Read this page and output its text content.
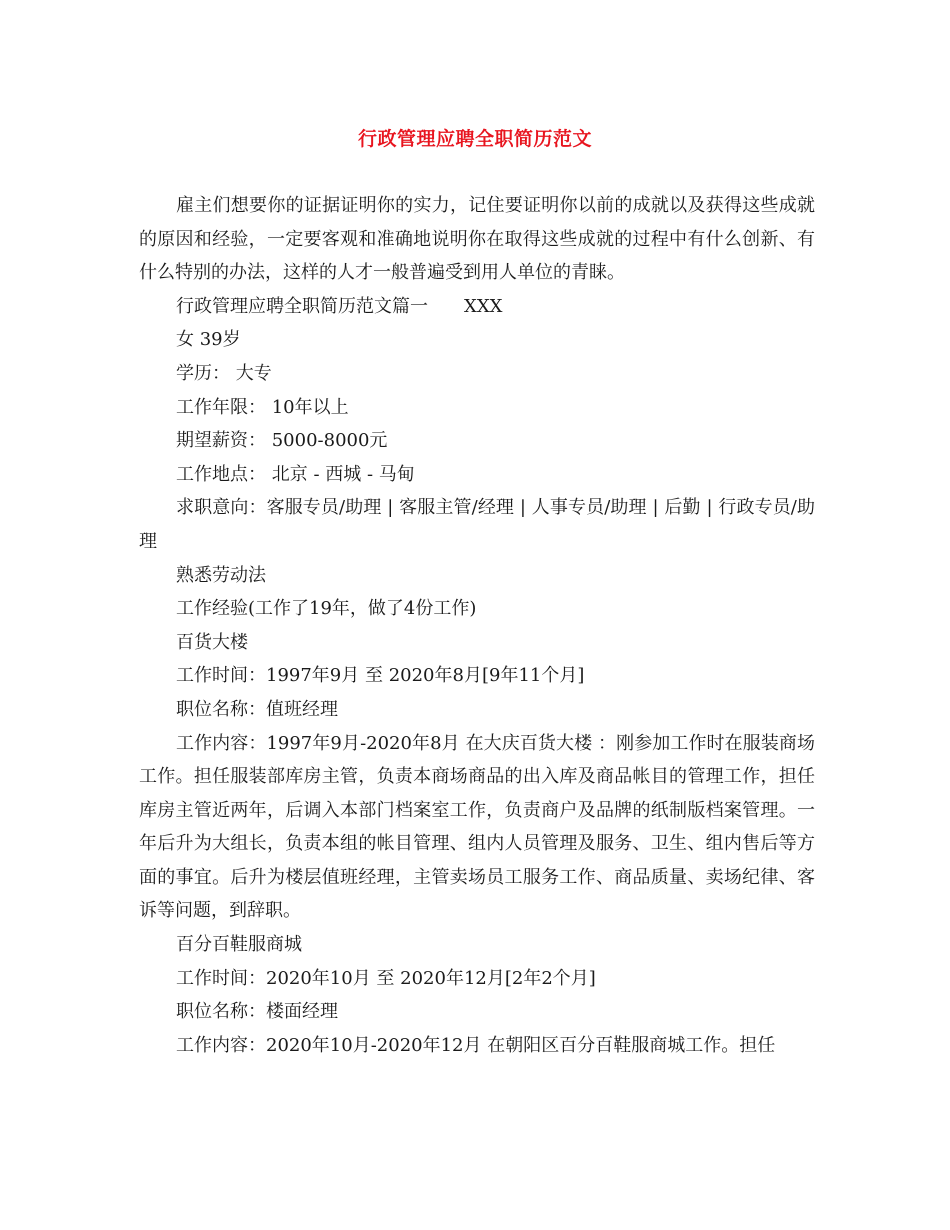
行政管理应聘全职简历范文

雇主们想要你的证据证明你的实力，记住要证明你以前的成就以及获得这些成就的原因和经验，一定要客观和准确地说明你在取得这些成就的过程中有什么创新、有什么特别的办法，这样的人才一般普遍受到用人单位的青睐。

行政管理应聘全职简历范文篇一　　XXX

女 39岁

学历： 大专

工作年限： 10年以上

期望薪资： 5000-8000元

工作地点： 北京 - 西城 - 马甸

求职意向：客服专员/助理 | 客服主管/经理 | 人事专员/助理 | 后勤 | 行政专员/助理

熟悉劳动法

工作经验(工作了19年，做了4份工作)

百货大楼

工作时间：1997年9月 至 2020年8月[9年11个月]

职位名称：值班经理

工作内容：1997年9月-2020年8月 在大庆百货大楼 ：刚参加工作时在服装商场工作。担任服装部库房主管，负责本商场商品的出入库及商品帐目的管理工作，担任库房主管近两年，后调入本部门档案室工作，负责商户及品牌的纸制版档案管理。一年后升为大组长，负责本组的帐目管理、组内人员管理及服务、卫生、组内售后等方面的事宜。后升为楼层值班经理，主管卖场员工服务工作、商品质量、卖场纪律、客诉等问题，到辞职。

百分百鞋服商城

工作时间：2020年10月 至 2020年12月[2年2个月]

职位名称：楼面经理

工作内容：2020年10月-2020年12月 在朝阳区百分百鞋服商城工作。担任
